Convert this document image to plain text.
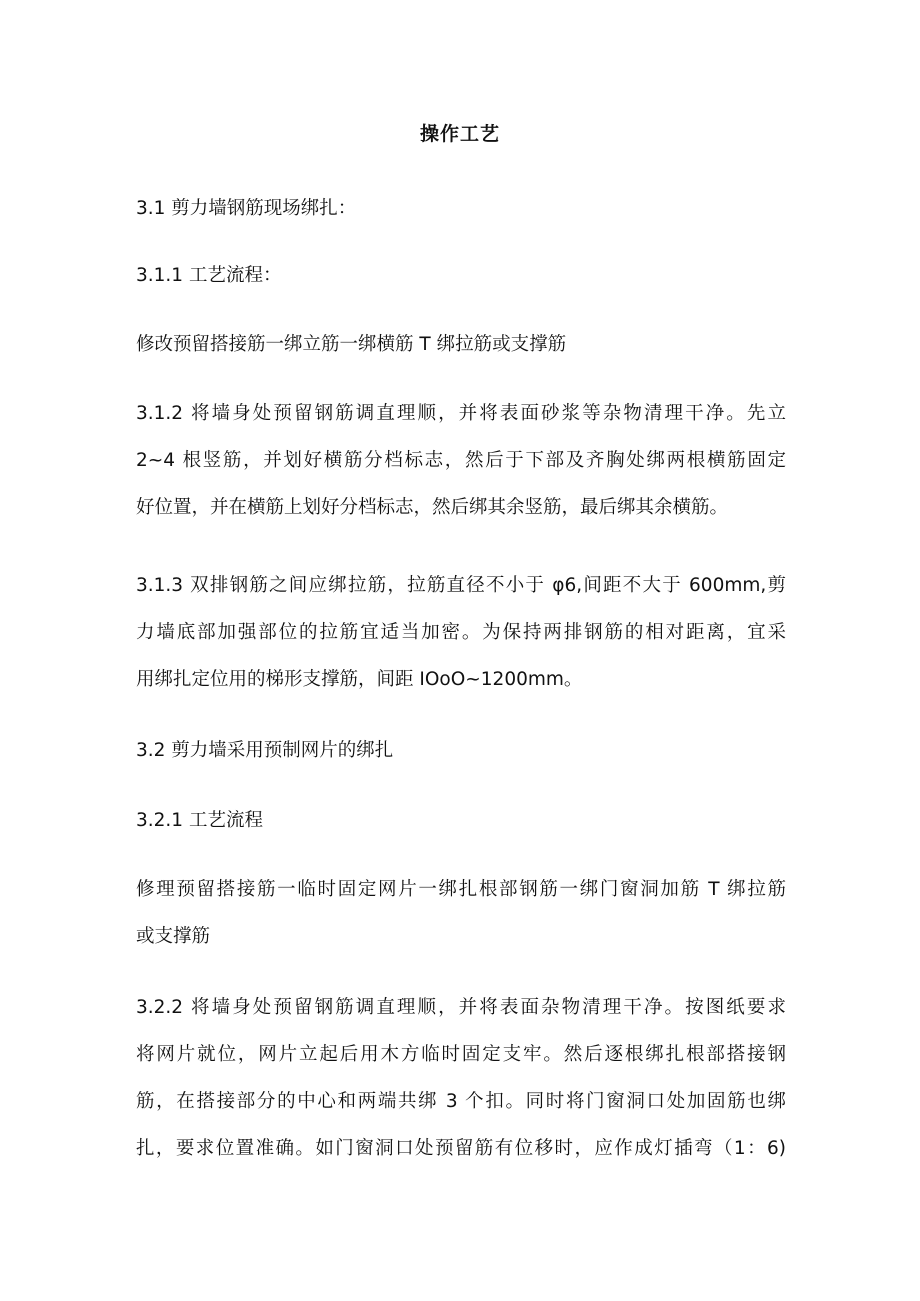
操作工艺

3.1 剪力墙钢筋现场绑扎：

3.1.1 工艺流程：

修改预留搭接筋一绑立筋一绑横筋 T 绑拉筋或支撑筋

3.1.2 将墙身处预留钢筋调直理顺，并将表面砂浆等杂物清理干净。先立
2~4 根竖筋，并划好横筋分档标志，然后于下部及齐胸处绑两根横筋固定
好位置，并在横筋上划好分档标志，然后绑其余竖筋，最后绑其余横筋。

3.1.3 双排钢筋之间应绑拉筋，拉筋直径不小于 φ6,间距不大于 600mm,剪
力墙底部加强部位的拉筋宜适当加密。为保持两排钢筋的相对距离，宜采
用绑扎定位用的梯形支撑筋，间距 IOoO~1200mm。

3.2 剪力墙采用预制网片的绑扎

3.2.1 工艺流程

修理预留搭接筋一临时固定网片一绑扎根部钢筋一绑门窗洞加筋 T 绑拉筋
或支撑筋

3.2.2 将墙身处预留钢筋调直理顺，并将表面杂物清理干净。按图纸要求
将网片就位，网片立起后用木方临时固定支牢。然后逐根绑扎根部搭接钢
筋，在搭接部分的中心和两端共绑 3 个扣。同时将门窗洞口处加固筋也绑
扎，要求位置准确。如门窗洞口处预留筋有位移时，应作成灯插弯（1：6)
